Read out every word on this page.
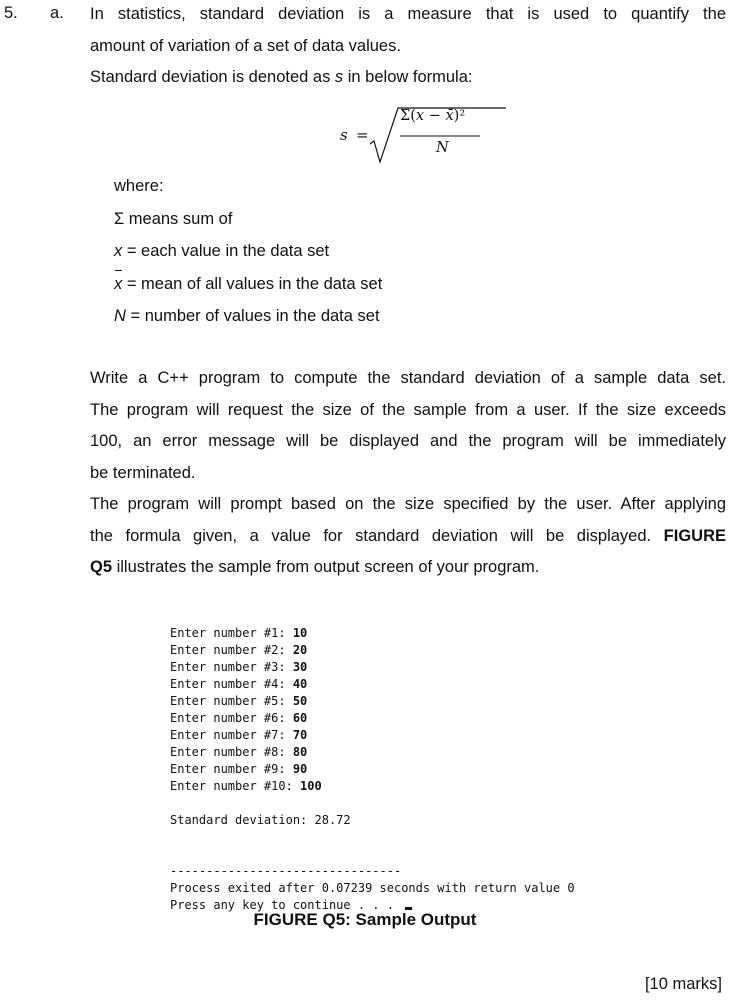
5. a. In statistics, standard deviation is a measure that is used to quantify the
amount of variation of a set of data values.
Standard deviation is denoted as s in below formula:
s =
Σ(x − x̄)²
N
where:
Σ means sum of
x = each value in the data set
x = mean of all values in the data set
N = number of values in the data set
Write a C++ program to compute the standard deviation of a sample data set.
The program will request the size of the sample from a user. If the size exceeds
100, an error message will be displayed and the program will be immediately
be terminated.
The program will prompt based on the size specified by the user. After applying
the formula given, a value for standard deviation will be displayed. FIGURE
Q5 illustrates the sample from output screen of your program.
Enter number #1: 10
Enter number #2: 20
Enter number #3: 30
Enter number #4: 40
Enter number #5: 50
Enter number #6: 60
Enter number #7: 70
Enter number #8: 80
Enter number #9: 90
Enter number #10: 100

Standard deviation: 28.72

--------------------------------
Process exited after 0.07239 seconds with return value 0
Press any key to continue . . .
FIGURE Q5: Sample Output
[10 marks]
